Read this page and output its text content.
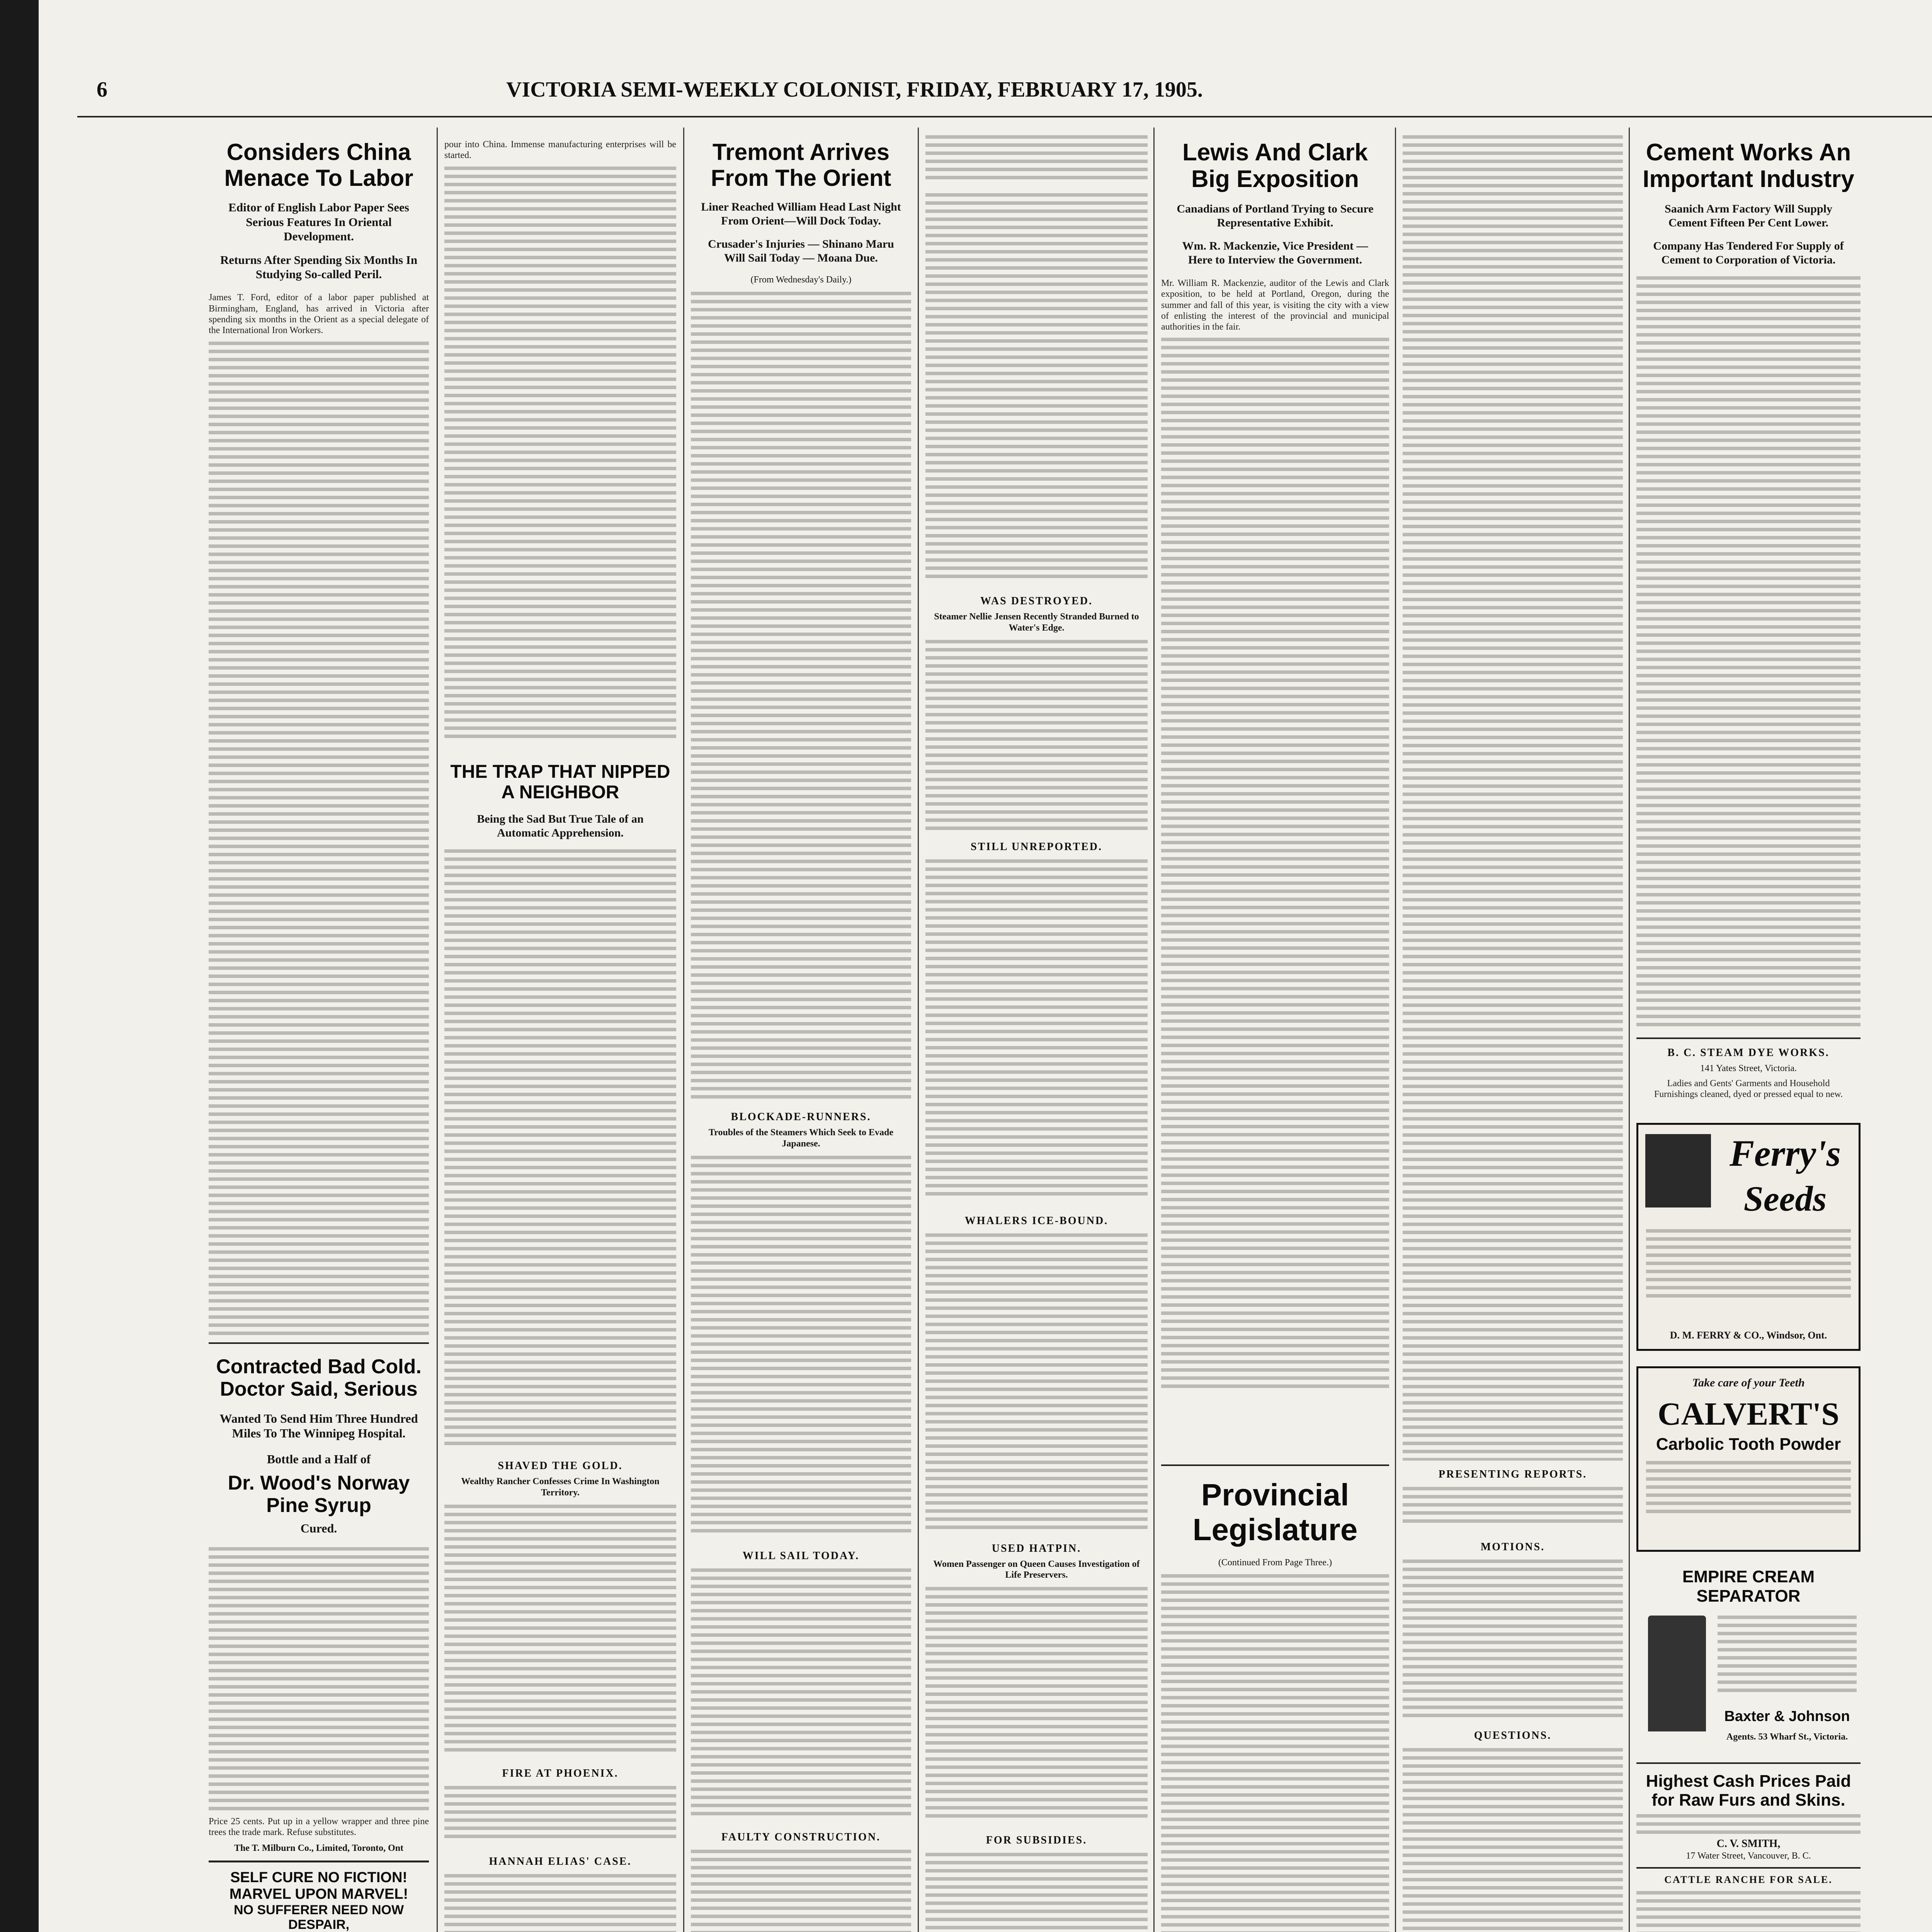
6	VICTORIA SEMI-WEEKLY COLONIST, FRIDAY, FEBRUARY 17, 1905.
Considers China Menace To Labor
Editor of English Labor Paper Sees Serious Features In Oriental Development.
Returns After Spending Six Months In Studying So-called Peril.

James T. Ford, editor of a labor paper published at Birmingham, England, has arrived in Victoria after spending six months in the Orient as a special delegate of the International Iron Workers.

Contracted Bad Cold. Doctor Said, Serious
Wanted To Send Him Three Hundred Miles To The Winnipeg Hospital.
Bottle and a Half of
Dr. Wood's Norway Pine Syrup
Cured.

Price 25 cents. Put up in a yellow wrapper and three pine trees the trade mark. Refuse substitutes.

The T. Milburn Co., Limited, Toronto, Ont
SELF CURE NO FICTION!
MARVEL UPON MARVEL!
NO SUFFERER NEED NOW DESPAIR,

pour into China. Immense manufacturing enterprises will be started.

THE TRAP THAT NIPPED A NEIGHBOR
Being the Sad But True Tale of an Automatic Apprehension.
SHAVED THE GOLD.
Wealthy Rancher Confesses Crime In Washington Territory.
FIRE AT PHOENIX.
HANNAH ELIAS' CASE.
Tremont Arrives From The Orient
Liner Reached William Head Last Night From Orient—Will Dock Today.
Crusader's Injuries — Shinano Maru Will Sail Today — Moana Due.
(From Wednesday's Daily.)
BLOCKADE-RUNNERS.
Troubles of the Steamers Which Seek to Evade Japanese.
WILL SAIL TODAY.
FAULTY CONSTRUCTION.
WAS DESTROYED.
Steamer Nellie Jensen Recently Stranded Burned to Water's Edge.
STILL UNREPORTED.
WHALERS ICE-BOUND.
USED HATPIN.
Women Passenger on Queen Causes Investigation of Life Preservers.
FOR SUBSIDIES.
Lewis And Clark Big Exposition
Canadians of Portland Trying to Secure Representative Exhibit.
Wm. R. Mackenzie, Vice President — Here to Interview the Government.

Mr. William R. Mackenzie, auditor of the Lewis and Clark exposition, to be held at Portland, Oregon, during the summer and fall of this year, is visiting the city with a view of enlisting the interest of the provincial and municipal authorities in the fair.

Provincial Legislature
(Continued From Page Three.)
PRESENTING REPORTS.
MOTIONS.
QUESTIONS.
Cement Works An Important Industry
Saanich Arm Factory Will Supply Cement Fifteen Per Cent Lower.
Company Has Tendered For Supply of Cement to Corporation of Victoria.
B. C. STEAM DYE WORKS.
141 Yates Street, Victoria.

Ladies and Gents' Garments and Household Furnishings cleaned, dyed or pressed equal to new.

Ferry's
Seeds
D. M. FERRY & CO., Windsor, Ont.
Take care of your Teeth
CALVERT'S
Carbolic Tooth Powder
EMPIRE CREAM SEPARATOR
Baxter & Johnson
Agents. 53 Wharf St., Victoria.
Highest Cash Prices Paid for Raw Furs and Skins.
C. V. SMITH,
17 Water Street, Vancouver, B. C.
CATTLE RANCHE FOR SALE.
